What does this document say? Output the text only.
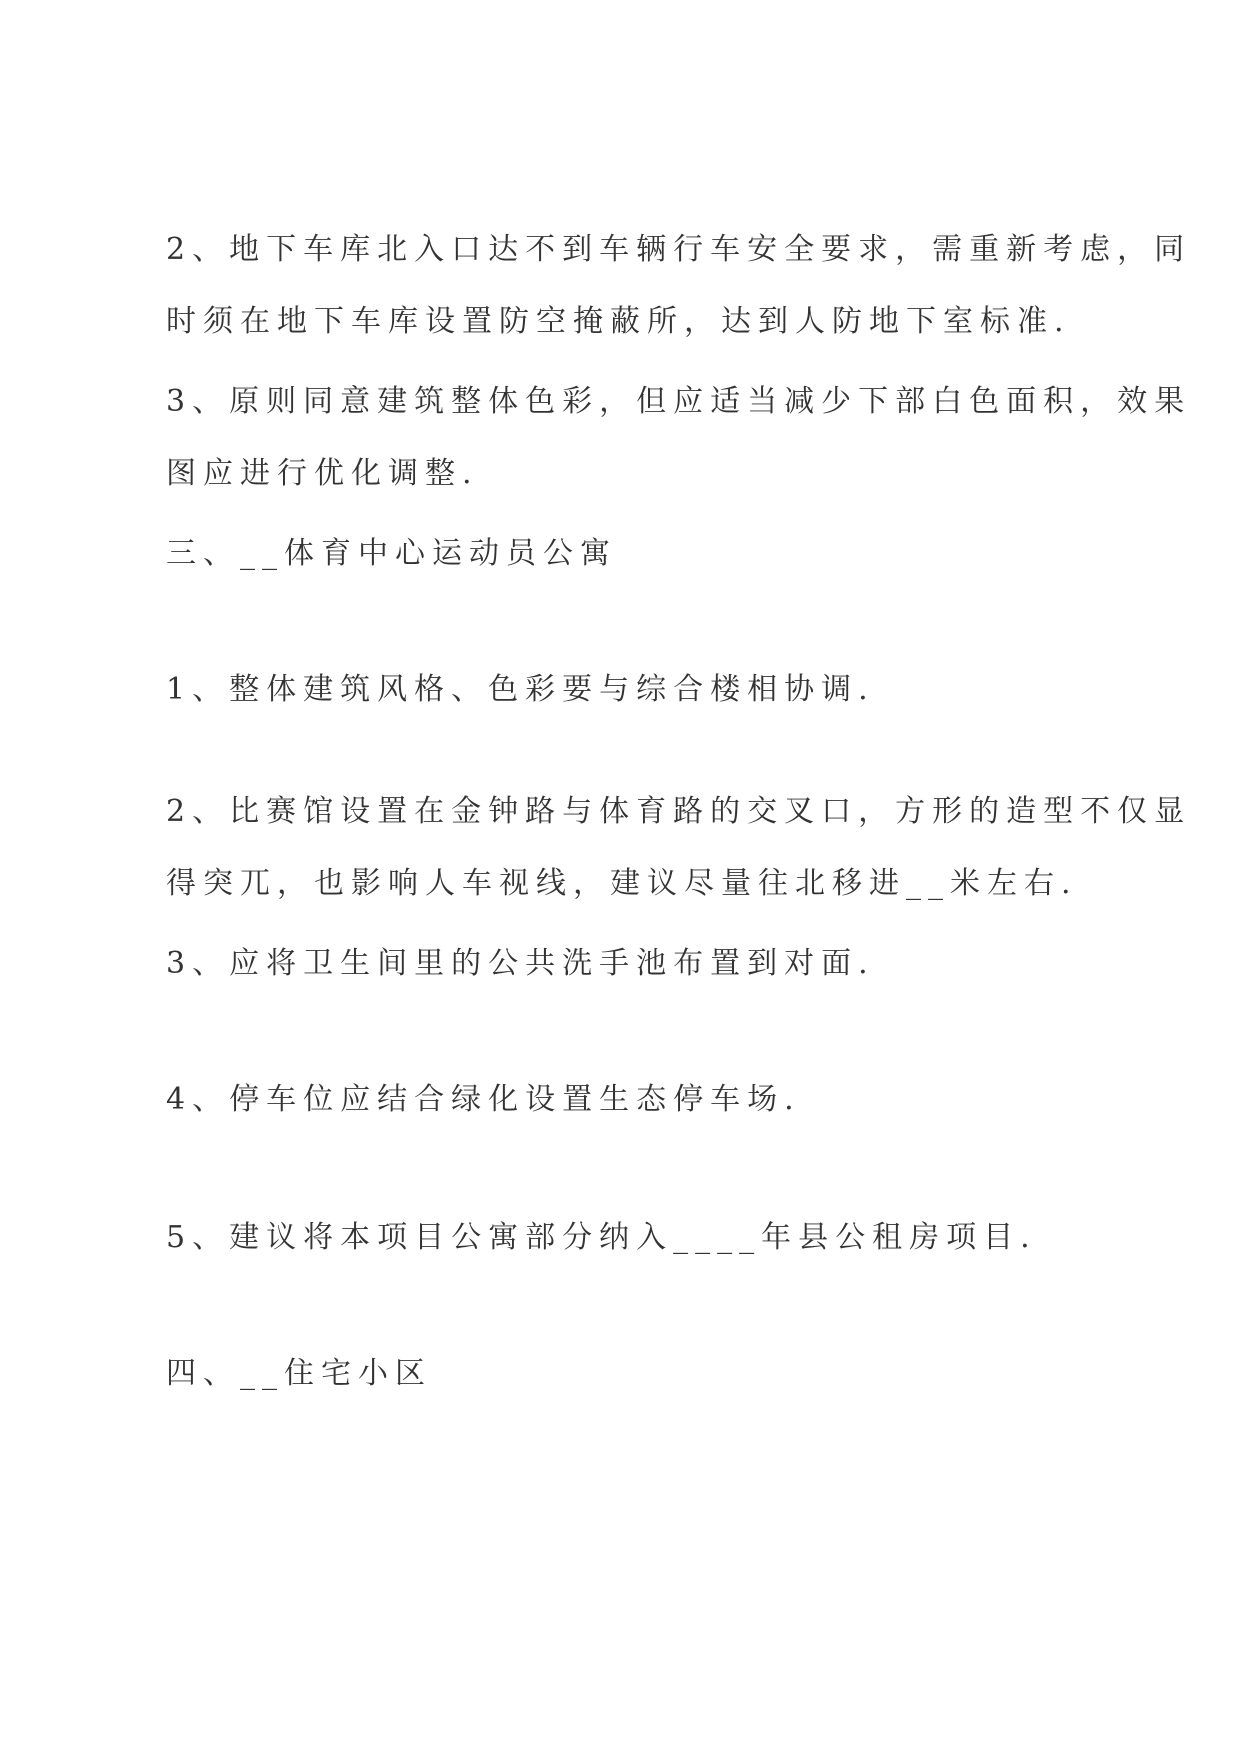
2、地下车库北入口达不到车辆行车安全要求，需重新考虑，同
时须在地下车库设置防空掩蔽所，达到人防地下室标准.
3、原则同意建筑整体色彩，但应适当减少下部白色面积，效果
图应进行优化调整.
三、__体育中心运动员公寓
1、整体建筑风格、色彩要与综合楼相协调.
2、比赛馆设置在金钟路与体育路的交叉口，方形的造型不仅显
得突兀，也影响人车视线，建议尽量往北移进__米左右.
3、应将卫生间里的公共洗手池布置到对面.
4、停车位应结合绿化设置生态停车场.
5、建议将本项目公寓部分纳入____年县公租房项目.
四、__住宅小区
